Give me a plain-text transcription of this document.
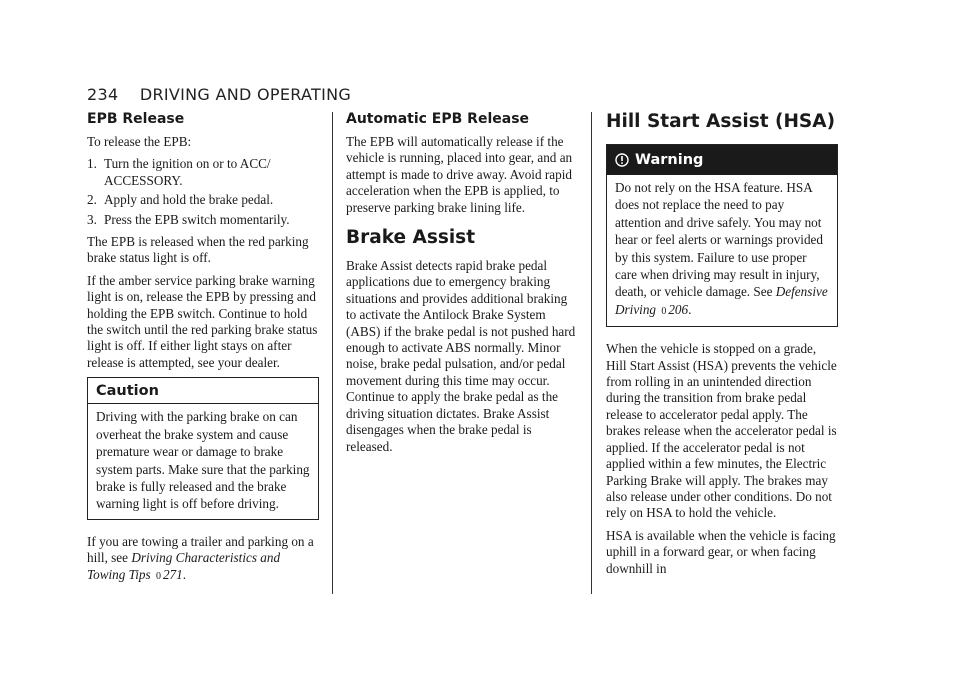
234 DRIVING AND OPERATING
EPB Release

To release the EPB:

1. Turn the ignition on or to ACC/ ACCESSORY.
2. Apply and hold the brake pedal.
3. Press the EPB switch momentarily.

The EPB is released when the red parking brake status light is off.

If the amber service parking brake warning light is on, release the EPB by pressing and holding the EPB switch. Continue to hold the switch until the red parking brake status light is off. If either light stays on after release is attempted, see your dealer.

Caution

Driving with the parking brake on can overheat the brake system and cause premature wear or damage to brake system parts. Make sure that the parking brake is fully released and the brake warning light is off before driving.

If you are towing a trailer and parking on a hill, see Driving Characteristics and Towing Tips 0 271.

Automatic EPB Release

The EPB will automatically release if the vehicle is running, placed into gear, and an attempt is made to drive away. Avoid rapid acceleration when the EPB is applied, to preserve parking brake lining life.

Brake Assist

Brake Assist detects rapid brake pedal applications due to emergency braking situations and provides additional braking to activate the Antilock Brake System (ABS) if the brake pedal is not pushed hard enough to activate ABS normally. Minor noise, brake pedal pulsation, and/or pedal movement during this time may occur. Continue to apply the brake pedal as the driving situation dictates. Brake Assist disengages when the brake pedal is released.

Hill Start Assist (HSA)
Warning

Do not rely on the HSA feature. HSA does not replace the need to pay attention and drive safely. You may not hear or feel alerts or warnings provided by this system. Failure to use proper care when driving may result in injury, death, or vehicle damage. See Defensive Driving 0 206.

When the vehicle is stopped on a grade, Hill Start Assist (HSA) prevents the vehicle from rolling in an unintended direction during the transition from brake pedal release to accelerator pedal apply. The brakes release when the accelerator pedal is applied. If the accelerator pedal is not applied within a few minutes, the Electric Parking Brake will apply. The brakes may also release under other conditions. Do not rely on HSA to hold the vehicle.

HSA is available when the vehicle is facing uphill in a forward gear, or when facing downhill in
